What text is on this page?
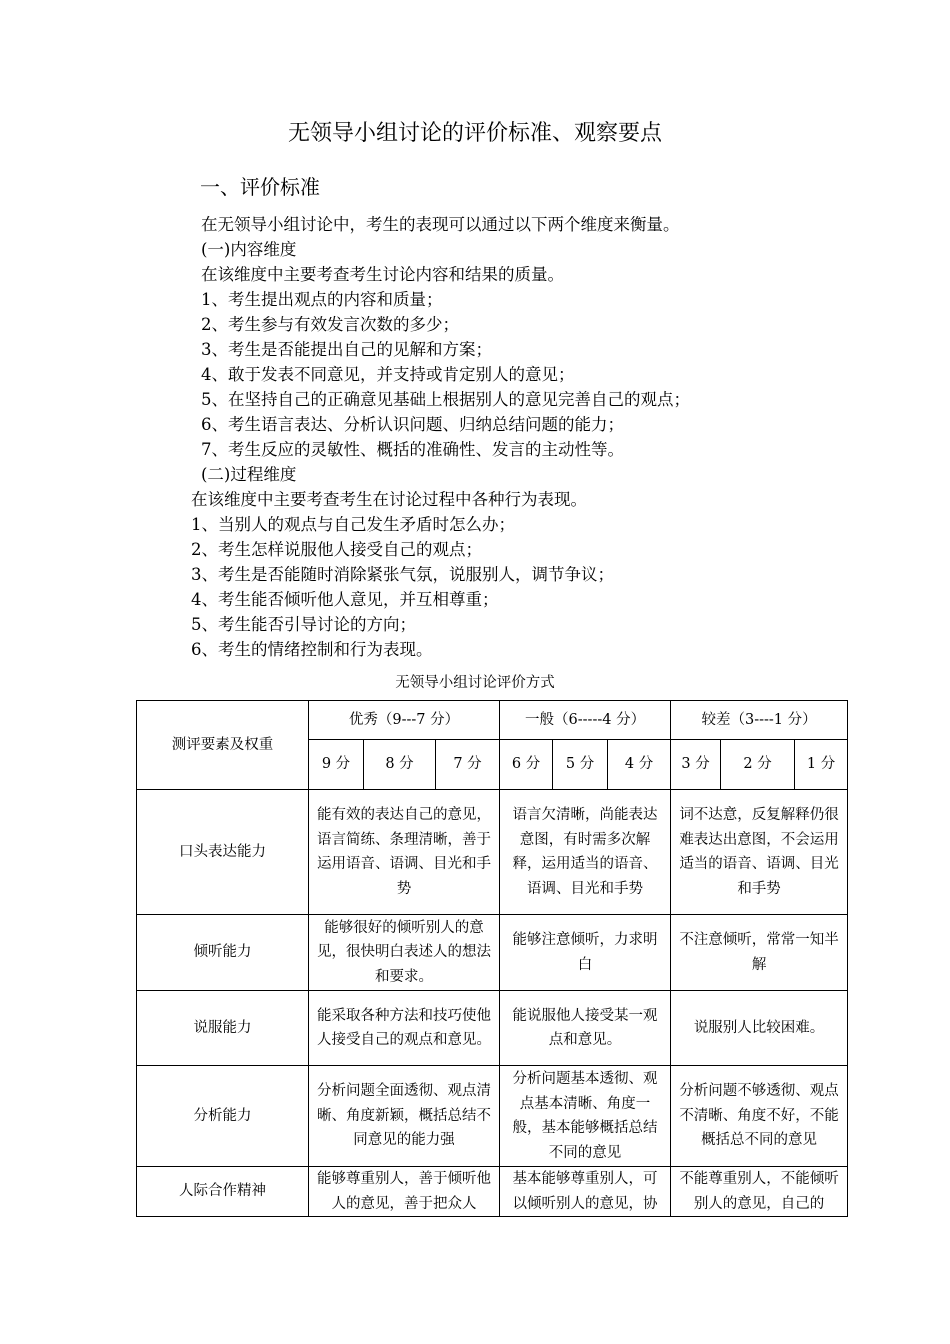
无领导小组讨论的评价标准、观察要点
一、评价标准
在无领导小组讨论中，考生的表现可以通过以下两个维度来衡量。
(一)内容维度
在该维度中主要考查考生讨论内容和结果的质量。
1、考生提出观点的内容和质量；
2、考生参与有效发言次数的多少；
3、考生是否能提出自己的见解和方案；
4、敢于发表不同意见，并支持或肯定别人的意见；
5、在坚持自己的正确意见基础上根据别人的意见完善自己的观点；
6、考生语言表达、分析认识问题、归纳总结问题的能力；
7、考生反应的灵敏性、概括的准确性、发言的主动性等。
(二)过程维度
在该维度中主要考查考生在讨论过程中各种行为表现。
1、当别人的观点与自己发生矛盾时怎么办；
2、考生怎样说服他人接受自己的观点；
3、考生是否能随时消除紧张气氛，说服别人，调节争议；
4、考生能否倾听他人意见，并互相尊重；
5、考生能否引导讨论的方向；
6、考生的情绪控制和行为表现。
无领导小组讨论评价方式
测评要素及权重	优秀（9---7 分）			一般（6-----4 分）			较差（3----1 分）		
	9 分	8 分	7 分	6 分	5 分	4 分	3 分	2 分	1 分
口头表达能力	能有效的表达自己的意见，语言简练、条理清晰，善于运用语音、语调、目光和手势			语言欠清晰，尚能表达意图，有时需多次解释，运用适当的语音、语调、目光和手势			词不达意，反复解释仍很难表达出意图，不会运用适当的语音、语调、目光和手势		
倾听能力	能够很好的倾听别人的意见，很快明白表述人的想法和要求。			能够注意倾听，力求明白			不注意倾听，常常一知半解		
说服能力	能采取各种方法和技巧使他人接受自己的观点和意见。			能说服他人接受某一观点和意见。			说服别人比较困难。		
分析能力	分析问题全面透彻、观点清晰、角度新颖，概括总结不同意见的能力强			分析问题基本透彻、观点基本清晰、角度一般，基本能够概括总结不同的意见			分析问题不够透彻、观点不清晰、角度不好，不能概括总不同的意见		
人际合作精神	能够尊重别人，善于倾听他人的意见，善于把众人			基本能够尊重别人，可以倾听别人的意见，协			不能尊重别人，不能倾听别人的意见，自己的		
